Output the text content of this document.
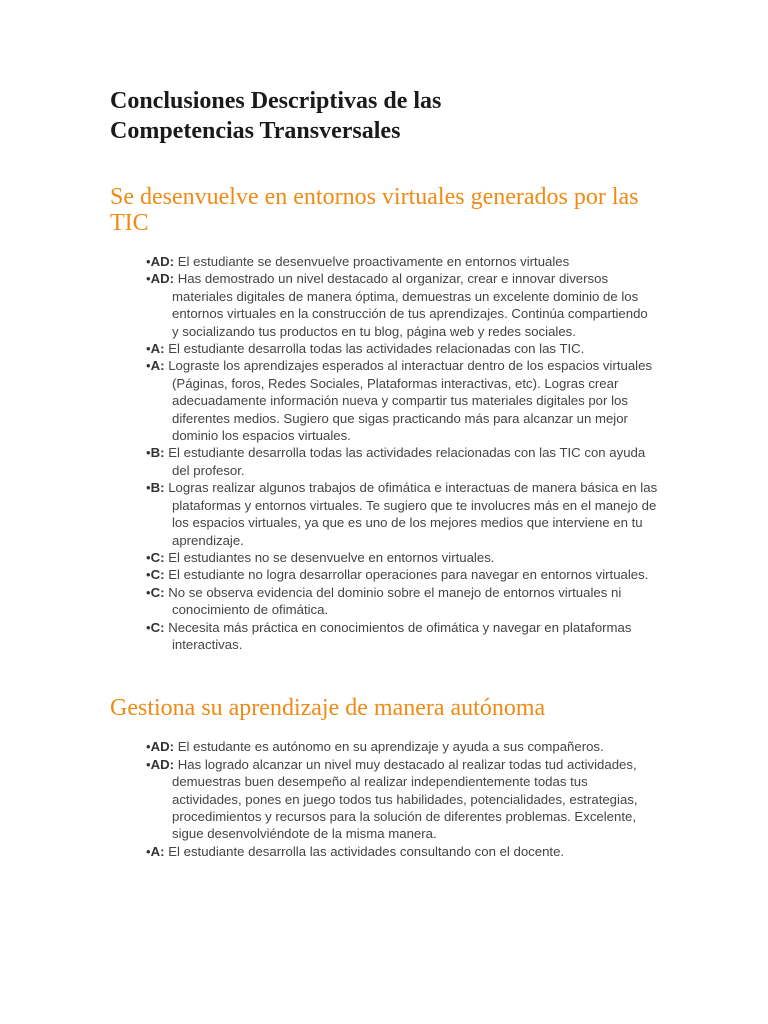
Conclusiones Descriptivas de las
Competencias Transversales
Se desenvuelve en entornos virtuales generados por las TIC
•AD: El estudiante se desenvuelve proactivamente en entornos virtuales
•AD: Has demostrado un nivel destacado al organizar, crear e innovar diversos materiales digitales de manera óptima, demuestras un excelente dominio de los entornos virtuales en la construcción de tus aprendizajes. Continúa compartiendo y socializando tus productos en tu blog, página web y redes sociales.
•A: El estudiante desarrolla todas las actividades relacionadas con las TIC.
•A: Lograste los aprendizajes esperados al interactuar dentro de los espacios virtuales (Páginas, foros, Redes Sociales, Plataformas interactivas, etc). Logras crear adecuadamente información nueva y compartir tus materiales digitales por los diferentes medios. Sugiero que sigas practicando más para alcanzar un mejor dominio los espacios virtuales.
•B: El estudiante desarrolla todas las actividades relacionadas con las TIC con ayuda del profesor.
•B: Logras realizar algunos trabajos de ofimática e interactuas de manera básica en las plataformas y entornos virtuales. Te sugiero que te involucres más en el manejo de los espacios virtuales, ya que es uno de los mejores medios que interviene en tu aprendizaje.
•C: El estudiantes no se desenvuelve en entornos virtuales.
•C: El estudiante no logra desarrollar operaciones para navegar en entornos virtuales.
•C: No se observa evidencia del dominio sobre el manejo de entornos virtuales ni conocimiento de ofimática.
•C: Necesita más práctica en conocimientos de ofimática y navegar en plataformas interactivas.
Gestiona su aprendizaje de manera autónoma
•AD: El estudante es autónomo en su aprendizaje y ayuda a sus compañeros.
•AD: Has logrado alcanzar un nivel muy destacado al realizar todas tud actividades, demuestras buen desempeño al realizar independientemente todas tus actividades, pones en juego todos tus habilidades, potencialidades, estrategias, procedimientos y recursos para la solución de diferentes problemas. Excelente, sigue desenvolviéndote de la misma manera.
•A: El estudiante desarrolla las actividades consultando con el docente.
